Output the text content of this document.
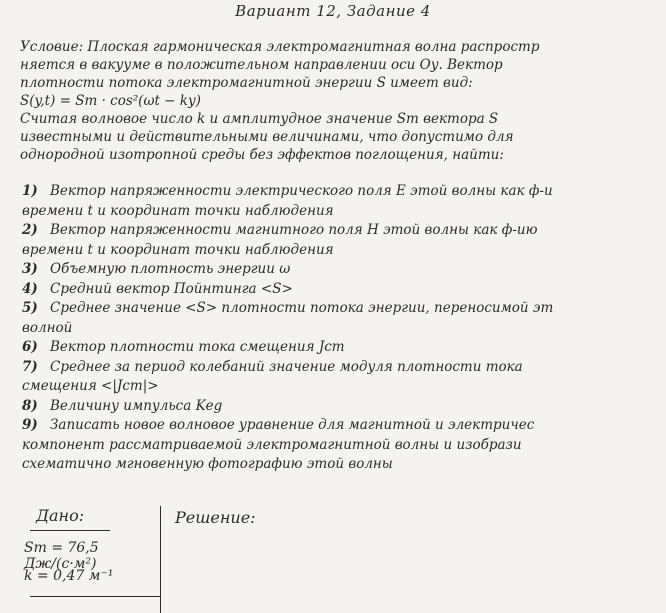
Вариант 12, Задание 4
Условие: Плоская гармоническая электромагнитная волна распростр
няется в вакууме в положительном направлении оси Оу. Вектор
плотности потока электромагнитной энергии S имеет вид:
S(y,t) = Sm · cos²(ωt − ky)
Считая волновое число k и амплитудное значение Sm вектора S
известными и действительными величинами, что допустимо для
однородной изотропной среды без эффектов поглощения, найти:
1) Вектор напряженности электрического поля E этой волны как ф-и
времени t и координат точки наблюдения
2) Вектор напряженности магнитного поля H этой волны как ф-ию
времени t и координат точки наблюдения
3) Объемную плотность энергии ω
4) Средний вектор Пойнтинга <S>
5) Среднее значение <S> плотности потока энергии, переносимой эт
волной
6) Вектор плотности тока смещения Jcm
7) Среднее за период колебаний значение модуля плотности тока
смещения <|Jcm|>
8) Величину импульса Kеg
9) Записать новое волновое уравнение для магнитной и электричес
компонент рассматриваемой электромагнитной волны и изобрази
схематично мгновенную фотографию этой волны
Дано:
Sm = 76,5 Дж/(с·м²)
k = 0,47 м⁻¹
Решение:
